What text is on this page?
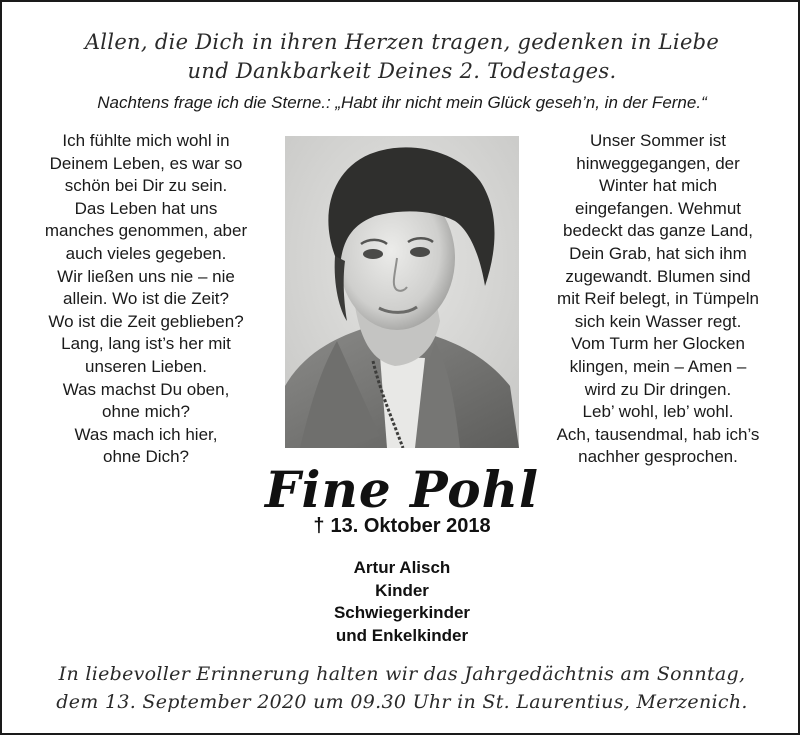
Allen, die Dich in ihren Herzen tragen, gedenken in Liebe
und Dankbarkeit Deines 2. Todestages.
Nachtens frage ich die Sterne.: „Habt ihr nicht mein Glück geseh’n, in der Ferne.“
Ich fühlte mich wohl in
Deinem Leben, es war so
schön bei Dir zu sein.
Das Leben hat uns
manches genommen, aber
auch vieles gegeben.
Wir ließen uns nie – nie
allein. Wo ist die Zeit?
Wo ist die Zeit geblieben?
Lang, lang ist’s her mit
unseren Lieben.
Was machst Du oben,
ohne mich?
Was mach ich hier,
ohne Dich?
Unser Sommer ist
hinweggegangen, der
Winter hat mich
eingefangen. Wehmut
bedeckt das ganze Land,
Dein Grab, hat sich ihm
zugewandt. Blumen sind
mit Reif belegt, in Tümpeln
sich kein Wasser regt.
Vom Turm her Glocken
klingen, mein – Amen –
wird zu Dir dringen.
Leb’ wohl, leb’ wohl.
Ach, tausendmal, hab ich’s
nachher gesprochen.
Fine Pohl
† 13. Oktober 2018
Artur Alisch
Kinder
Schwiegerkinder
und Enkelkinder
In liebevoller Erinnerung halten wir das Jahrgedächtnis am Sonntag,
dem 13. September 2020 um 09.30 Uhr in St. Laurentius, Merzenich.
